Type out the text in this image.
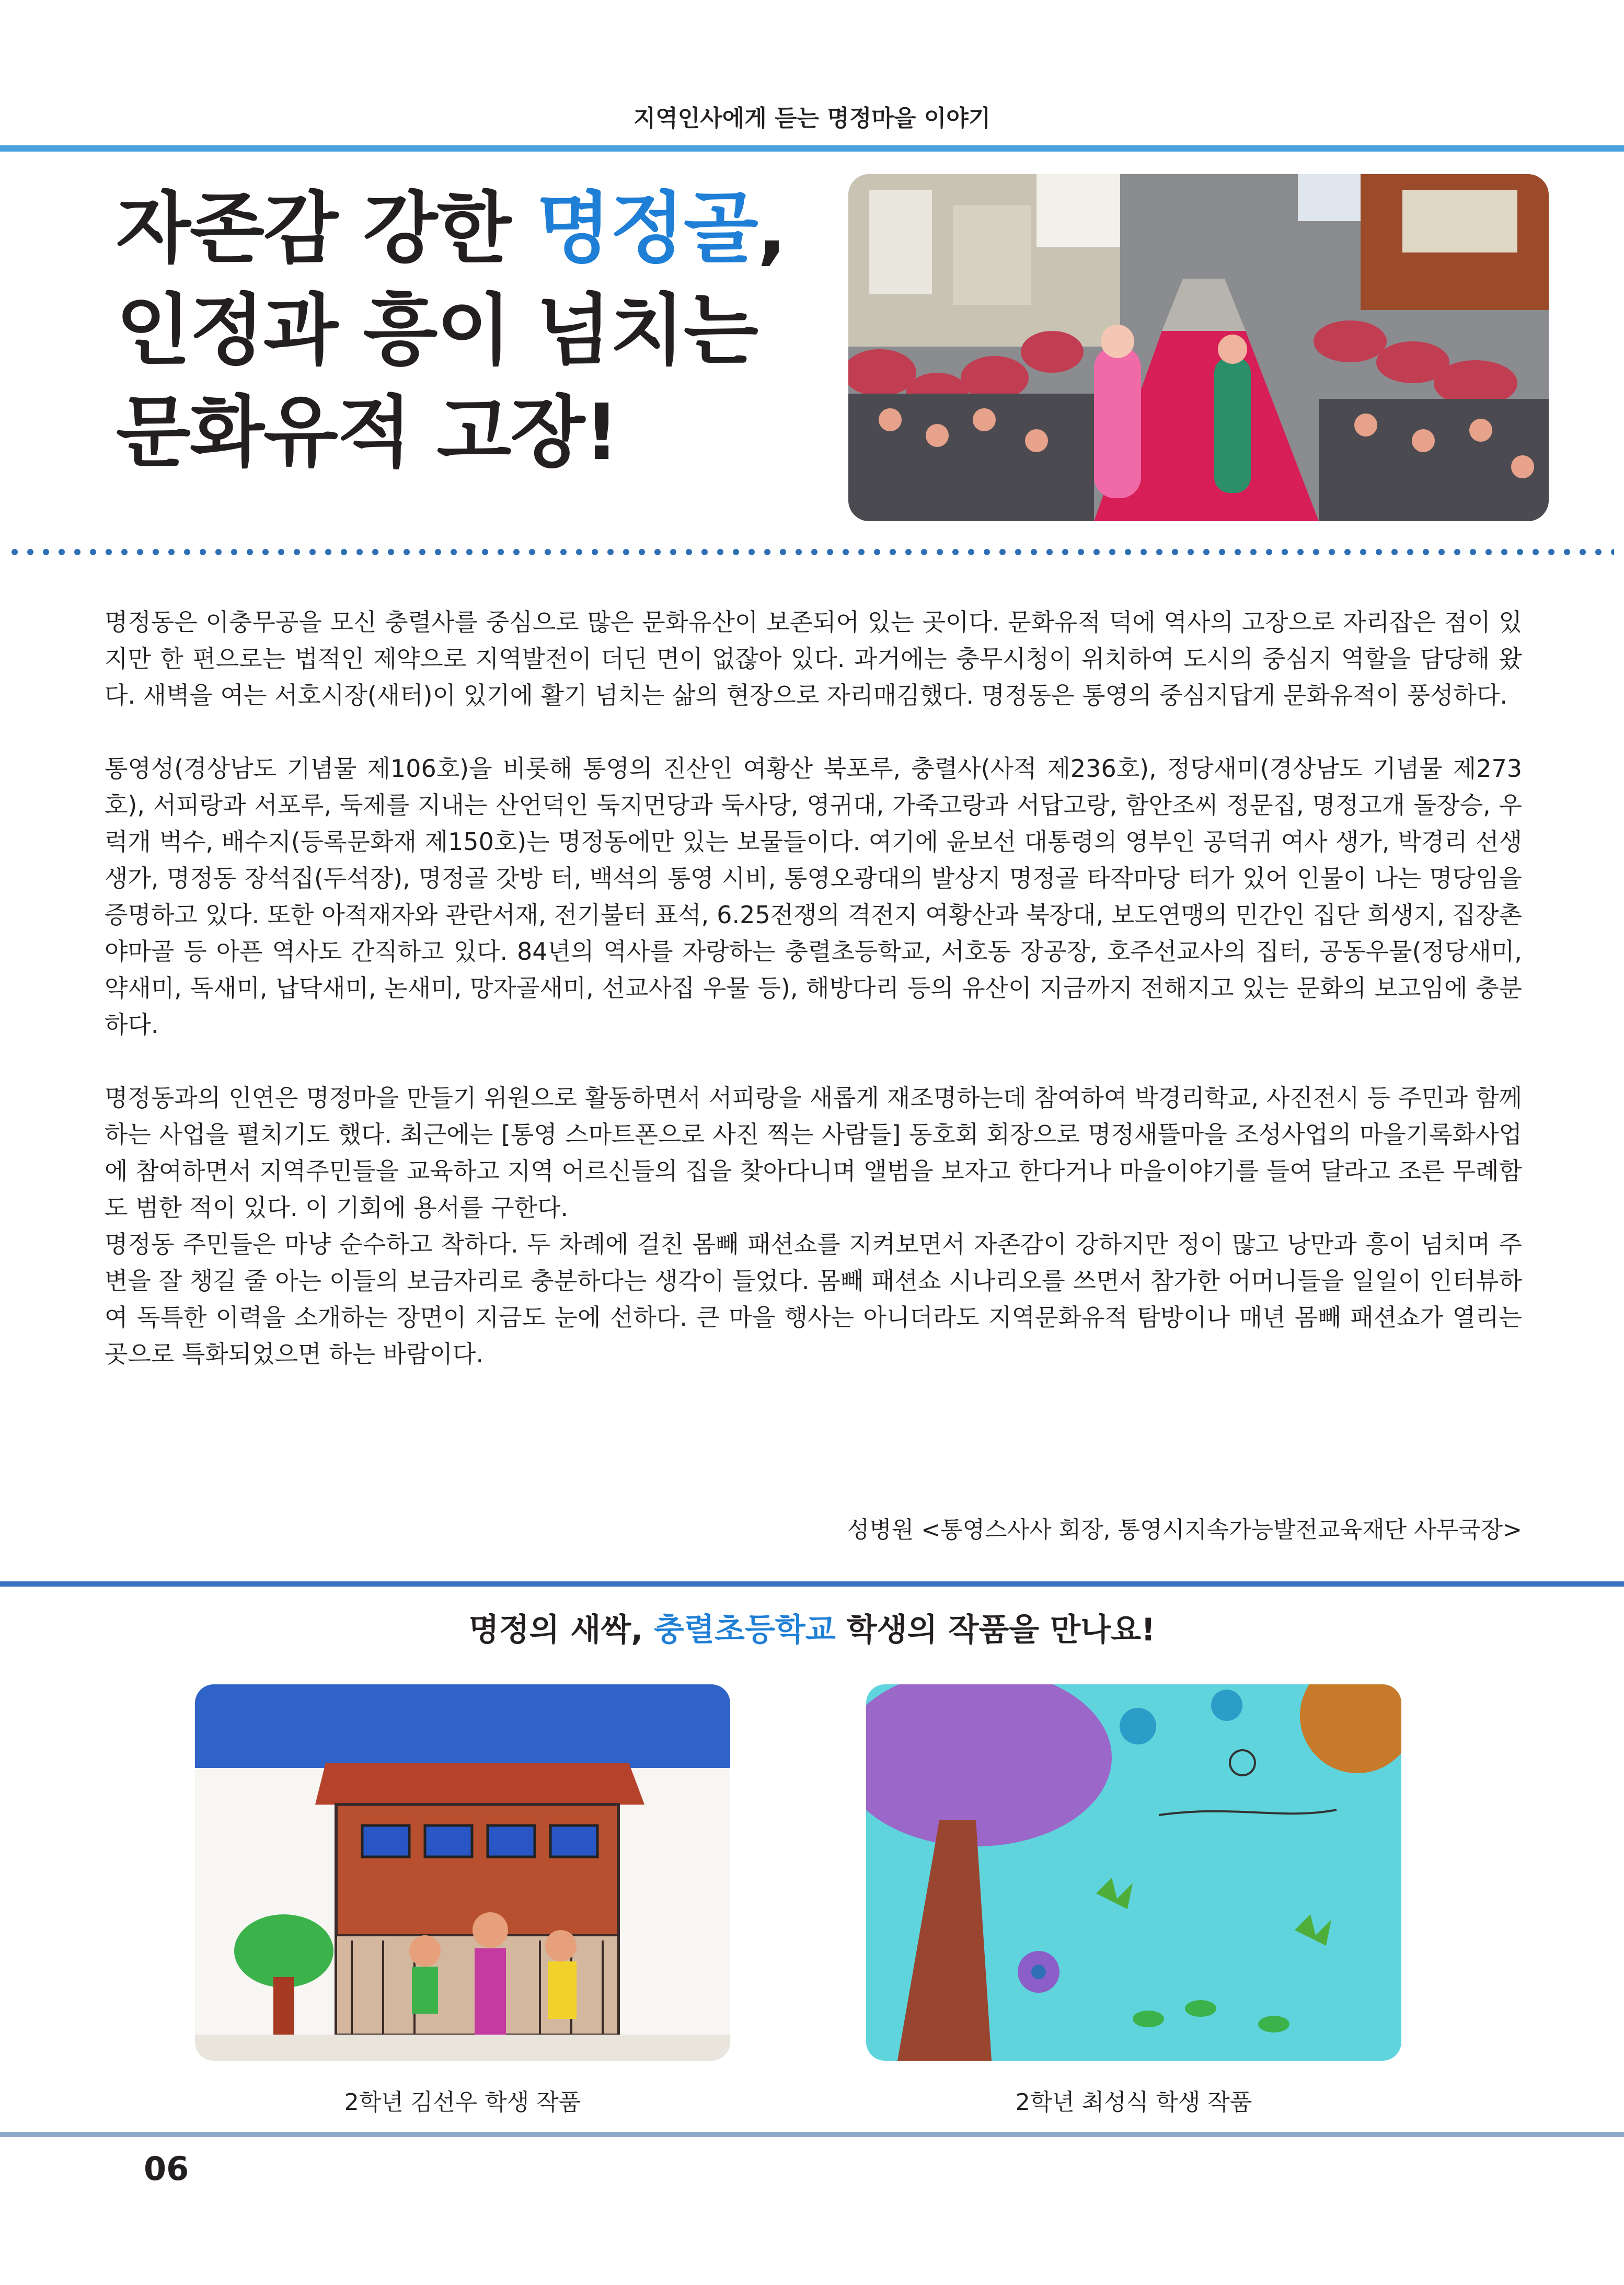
지역인사에게 듣는 명정마을 이야기
자존감 강한 명정골,
인정과 흥이 넘치는
문화유적 고장!

명정동은 이충무공을 모신 충렬사를 중심으로 많은 문화유산이 보존되어 있는 곳이다. 문화유적 덕에 역사의 고장으로 자리잡은 점이 있지만 한 편으로는 법적인 제약으로 지역발전이 더딘 면이 없잖아 있다. 과거에는 충무시청이 위치하여 도시의 중심지 역할을 담당해 왔다. 새벽을 여는 서호시장(새터)이 있기에 활기 넘치는 삶의 현장으로 자리매김했다. 명정동은 통영의 중심지답게 문화유적이 풍성하다.

통영성(경상남도 기념물 제106호)을 비롯해 통영의 진산인 여황산 북포루, 충렬사(사적 제236호), 정당새미(경상남도 기념물 제273호), 서피랑과 서포루, 둑제를 지내는 산언덕인 둑지먼당과 둑사당, 영귀대, 가죽고랑과 서답고랑, 함안조씨 정문집, 명정고개 돌장승, 우럭개 벅수, 배수지(등록문화재 제150호)는 명정동에만 있는 보물들이다. 여기에 윤보선 대통령의 영부인 공덕귀 여사 생가, 박경리 선생 생가, 명정동 장석집(두석장), 명정골 갓방 터, 백석의 통영 시비, 통영오광대의 발상지 명정골 타작마당 터가 있어 인물이 나는 명당임을 증명하고 있다. 또한 아적재자와 관란서재, 전기불터 표석, 6.25전쟁의 격전지 여황산과 북장대, 보도연맹의 민간인 집단 희생지, 집장촌 야마골 등 아픈 역사도 간직하고 있다. 84년의 역사를 자랑하는 충렬초등학교, 서호동 장공장, 호주선교사의 집터, 공동우물(정당새미, 약새미, 독새미, 납닥새미, 논새미, 망자골새미, 선교사집 우물 등), 해방다리 등의 유산이 지금까지 전해지고 있는 문화의 보고임에 충분하다.

명정동과의 인연은 명정마을 만들기 위원으로 활동하면서 서피랑을 새롭게 재조명하는데 참여하여 박경리학교, 사진전시 등 주민과 함께하는 사업을 펼치기도 했다. 최근에는 [통영 스마트폰으로 사진 찍는 사람들] 동호회 회장으로 명정새뜰마을 조성사업의 마을기록화사업에 참여하면서 지역주민들을 교육하고 지역 어르신들의 집을 찾아다니며 앨범을 보자고 한다거나 마을이야기를 들여 달라고 조른 무례함도 범한 적이 있다. 이 기회에 용서를 구한다.

명정동 주민들은 마냥 순수하고 착하다. 두 차례에 걸친 몸빼 패션쇼를 지켜보면서 자존감이 강하지만 정이 많고 낭만과 흥이 넘치며 주변을 잘 챙길 줄 아는 이들의 보금자리로 충분하다는 생각이 들었다. 몸빼 패션쇼 시나리오를 쓰면서 참가한 어머니들을 일일이 인터뷰하여 독특한 이력을 소개하는 장면이 지금도 눈에 선하다. 큰 마을 행사는 아니더라도 지역문화유적 탐방이나 매년 몸빼 패션쇼가 열리는 곳으로 특화되었으면 하는 바람이다.

성병원 <통영스사사 회장, 통영시지속가능발전교육재단 사무국장>
명정의 새싹, 충렬초등학교 학생의 작품을 만나요!
2학년 김선우 학생 작품	2학년 최성식 학생 작품
06
